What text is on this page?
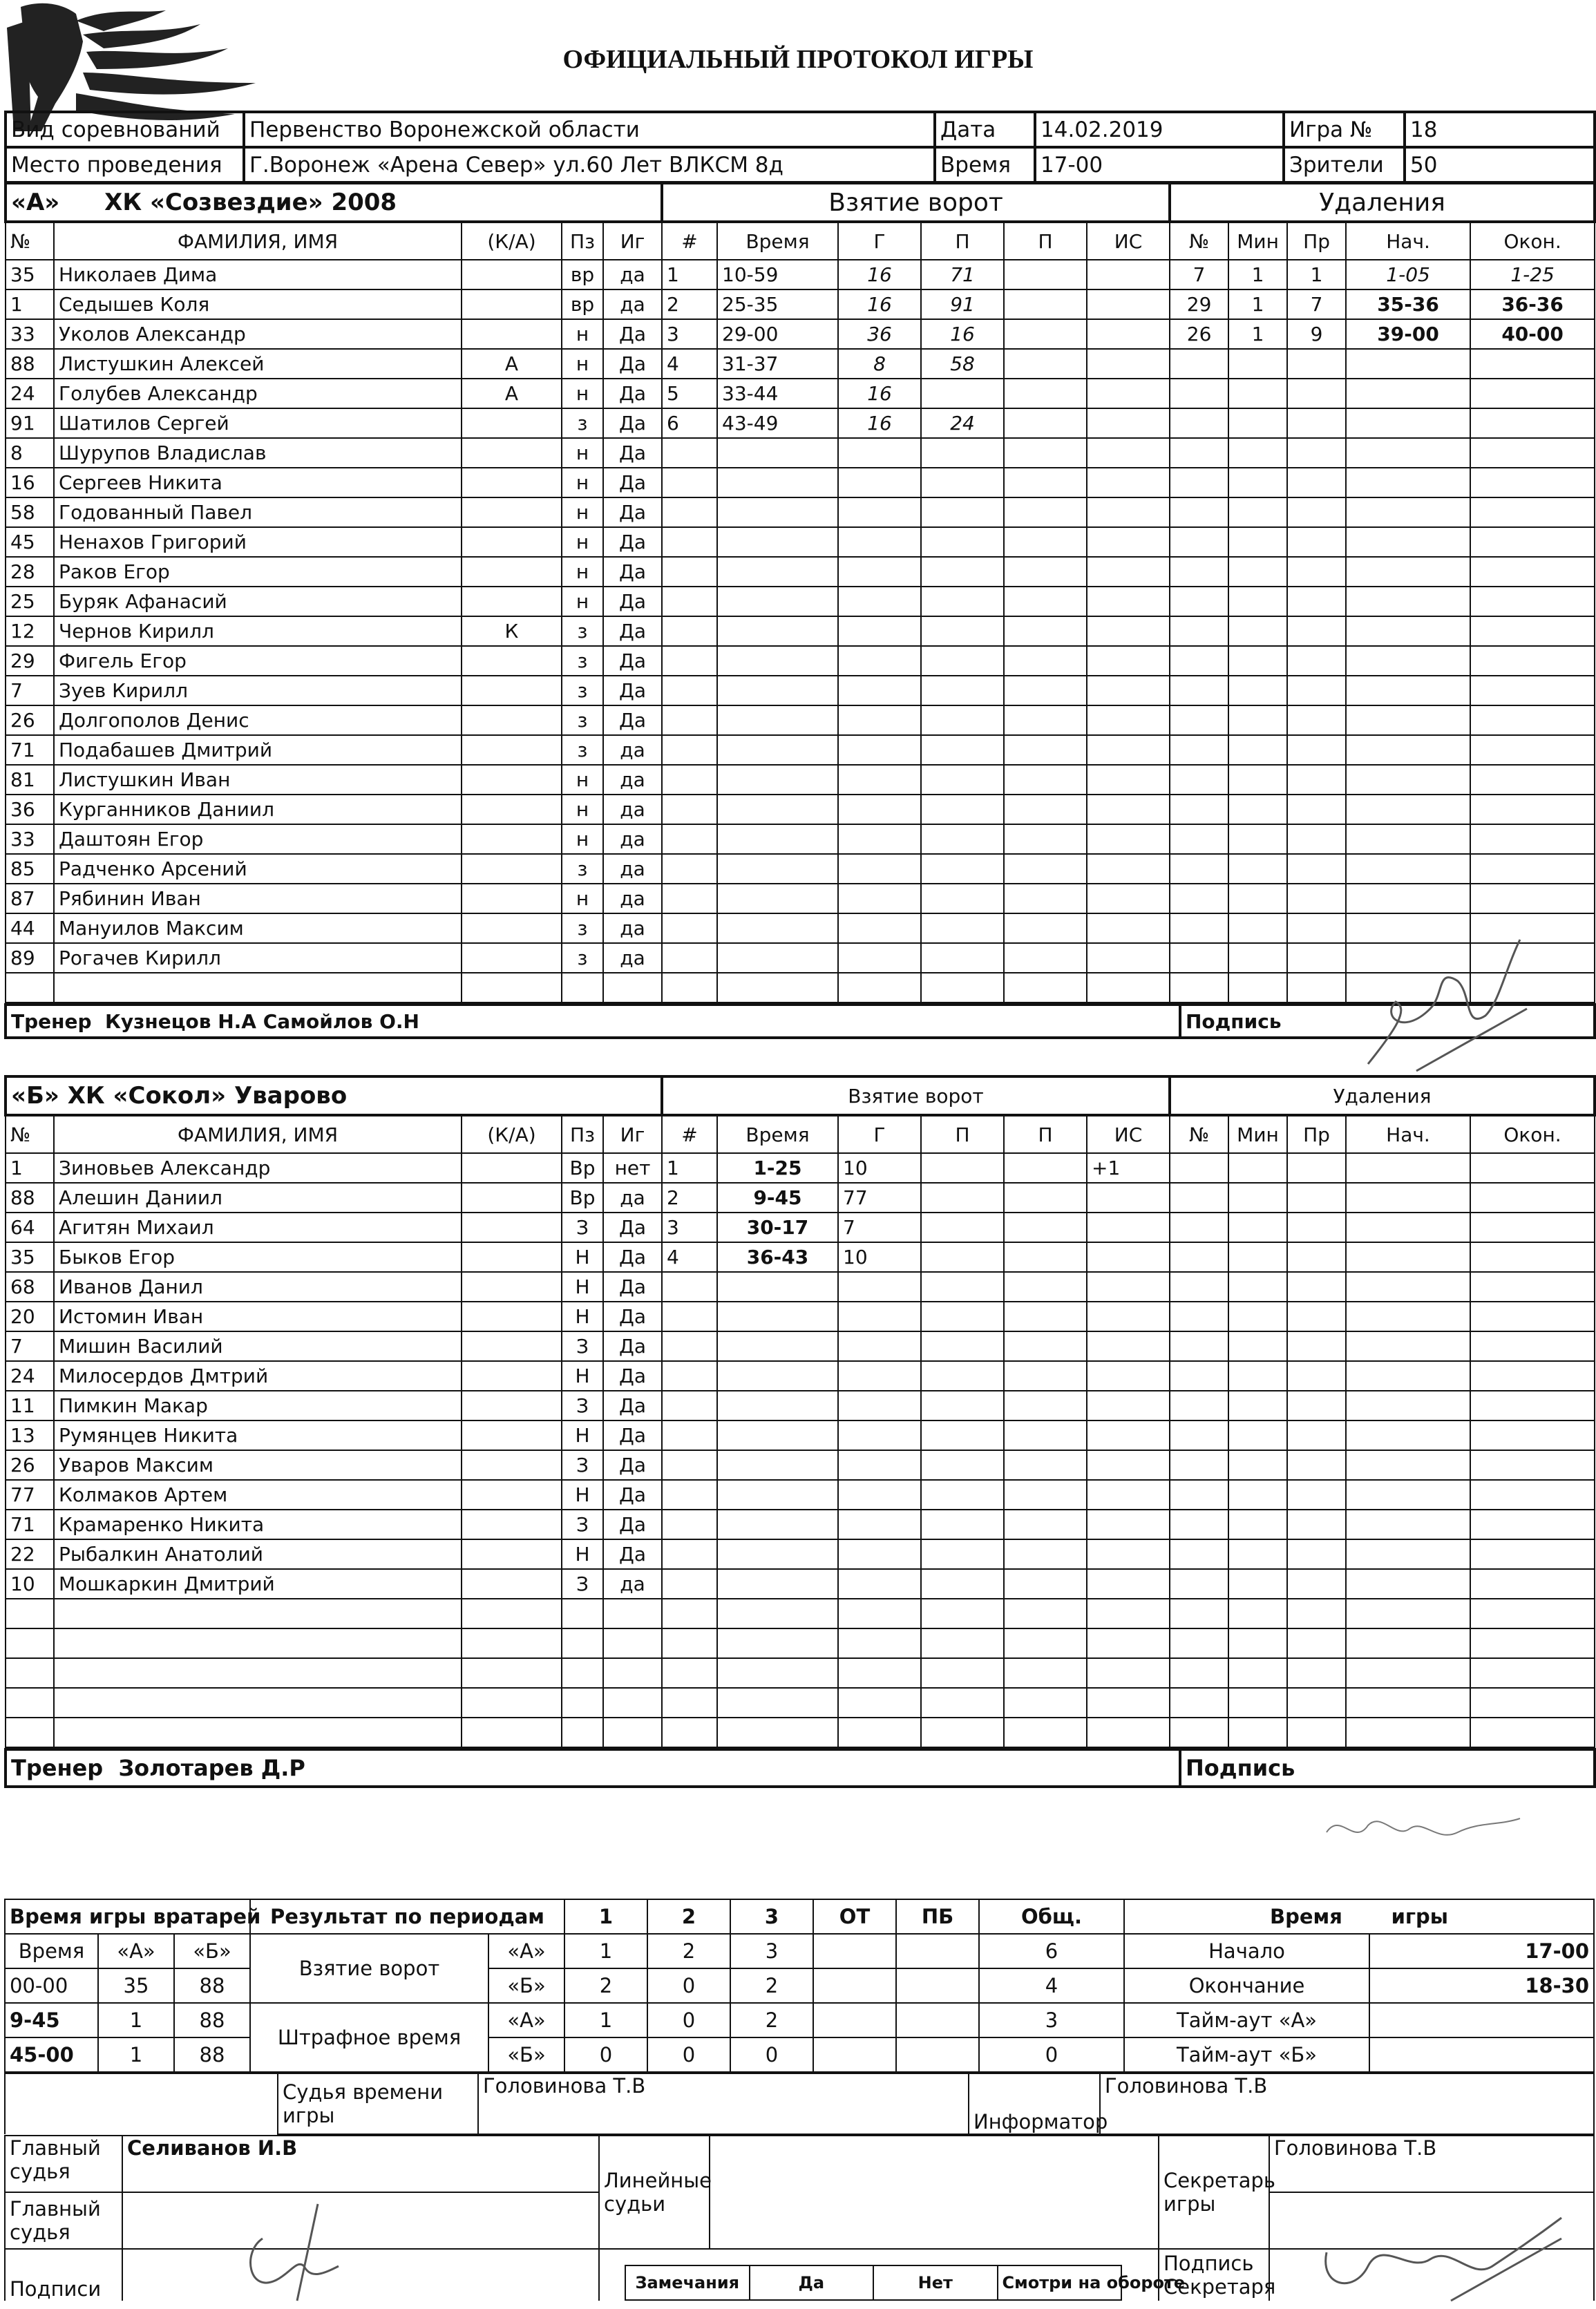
ОФИЦИАЛЬНЫЙ ПРОТОКОЛ ИГРЫ
Вид соревнований	Первенство Воронежской области	Дата	14.02.2019	Игра №	18
Место проведения	Г.Воронеж «Арена Север» ул.60 Лет ВЛКСМ 8д	Время	17-00	Зрители	50
«А» ХК «Созвездие» 2008					Взятие ворот						Удаления				
№	ФАМИЛИЯ, ИМЯ	(К/А)	Пз	Иг	#	Время	Г	П	П	ИС	№	Мин	Пр	Нач.	Окон.
35	Николаев Дима		вр	да	1	10-59	16	71			7	1	1	1-05	1-25
1	Седышев Коля		вр	да	2	25-35	16	91			29	1	7	35-36	36-36
33	Уколов Александр		н	Да	3	29-00	36	16			26	1	9	39-00	40-00
88	Листушкин Алексей	А	н	Да	4	31-37	8	58							
24	Голубев Александр	А	н	Да	5	33-44	16								
91	Шатилов Сергей		з	Да	6	43-49	16	24							
8	Шурупов Владислав		н	Да											
16	Сергеев Никита		н	Да											
58	Годованный Павел		н	Да											
45	Ненахов Григорий		н	Да											
28	Раков Егор		н	Да											
25	Буряк Афанасий		н	Да											
12	Чернов Кирилл	К	з	Да											
29	Фигель Егор		з	Да											
7	Зуев Кирилл		з	Да											
26	Долгополов Денис		з	Да											
71	Подабашев Дмитрий		з	да											
81	Листушкин Иван		н	да											
36	Курганников Даниил		н	да											
33	Даштоян Егор		н	да											
85	Радченко Арсений		з	да											
87	Рябинин Иван		н	да											
44	Мануилов Максим		з	да											
89	Рогачев Кирилл		з	да											

Тренер Кузнецов Н.А Самойлов О.Н	Подпись
«Б» ХК «Сокол» Уварово					Взятие ворот						Удаления				
№	ФАМИЛИЯ, ИМЯ	(К/А)	Пз	Иг	#	Время	Г	П	П	ИС	№	Мин	Пр	Нач.	Окон.
1	Зиновьев Александр		Вр	нет	1	1-25	10			+1					
88	Алешин Даниил		Вр	да	2	9-45	77								
64	Агитян Михаил		З	Да	3	30-17	7								
35	Быков Егор		Н	Да	4	36-43	10								
68	Иванов Данил		Н	Да											
20	Истомин Иван		Н	Да											
7	Мишин Василий		З	Да											
24	Милосердов Дмтрий		Н	Да											
11	Пимкин Макар		З	Да											
13	Румянцев Никита		Н	Да											
26	Уваров Максим		З	Да											
77	Колмаков Артем		Н	Да											
71	Крамаренко Никита		З	Да											
22	Рыбалкин Анатолий		Н	Да											
10	Мошкаркин Дмитрий		З	да											

Тренер Золотарев Д.Р	Подпись
Время игры вратарей			Результат по периодам		1	2	3	ОТ	ПБ	Общ.	Время игры	
Время	«А»	«Б»	Взятие ворот	«А»	1	2	3			6	Начало	17-00
00-00	35	88		«Б»	2	0	2			4	Окончание	18-30
9-45	1	88	Штрафное время	«А»	1	0	2			3	Тайм-аут «А»	
45-00	1	88		«Б»	0	0	0			0	Тайм-аут «Б»	
	Судья времени игры	Головинова Т.В	Информатор	Головинова Т.В
Главный судья	Селиванов И.В	Линейные судьи		Секретарь игры	Головинова Т.В
Главный судья		
Подписи			Замечания	Да	Нет	Смотри на обороте
	Подпись Секретаря	
